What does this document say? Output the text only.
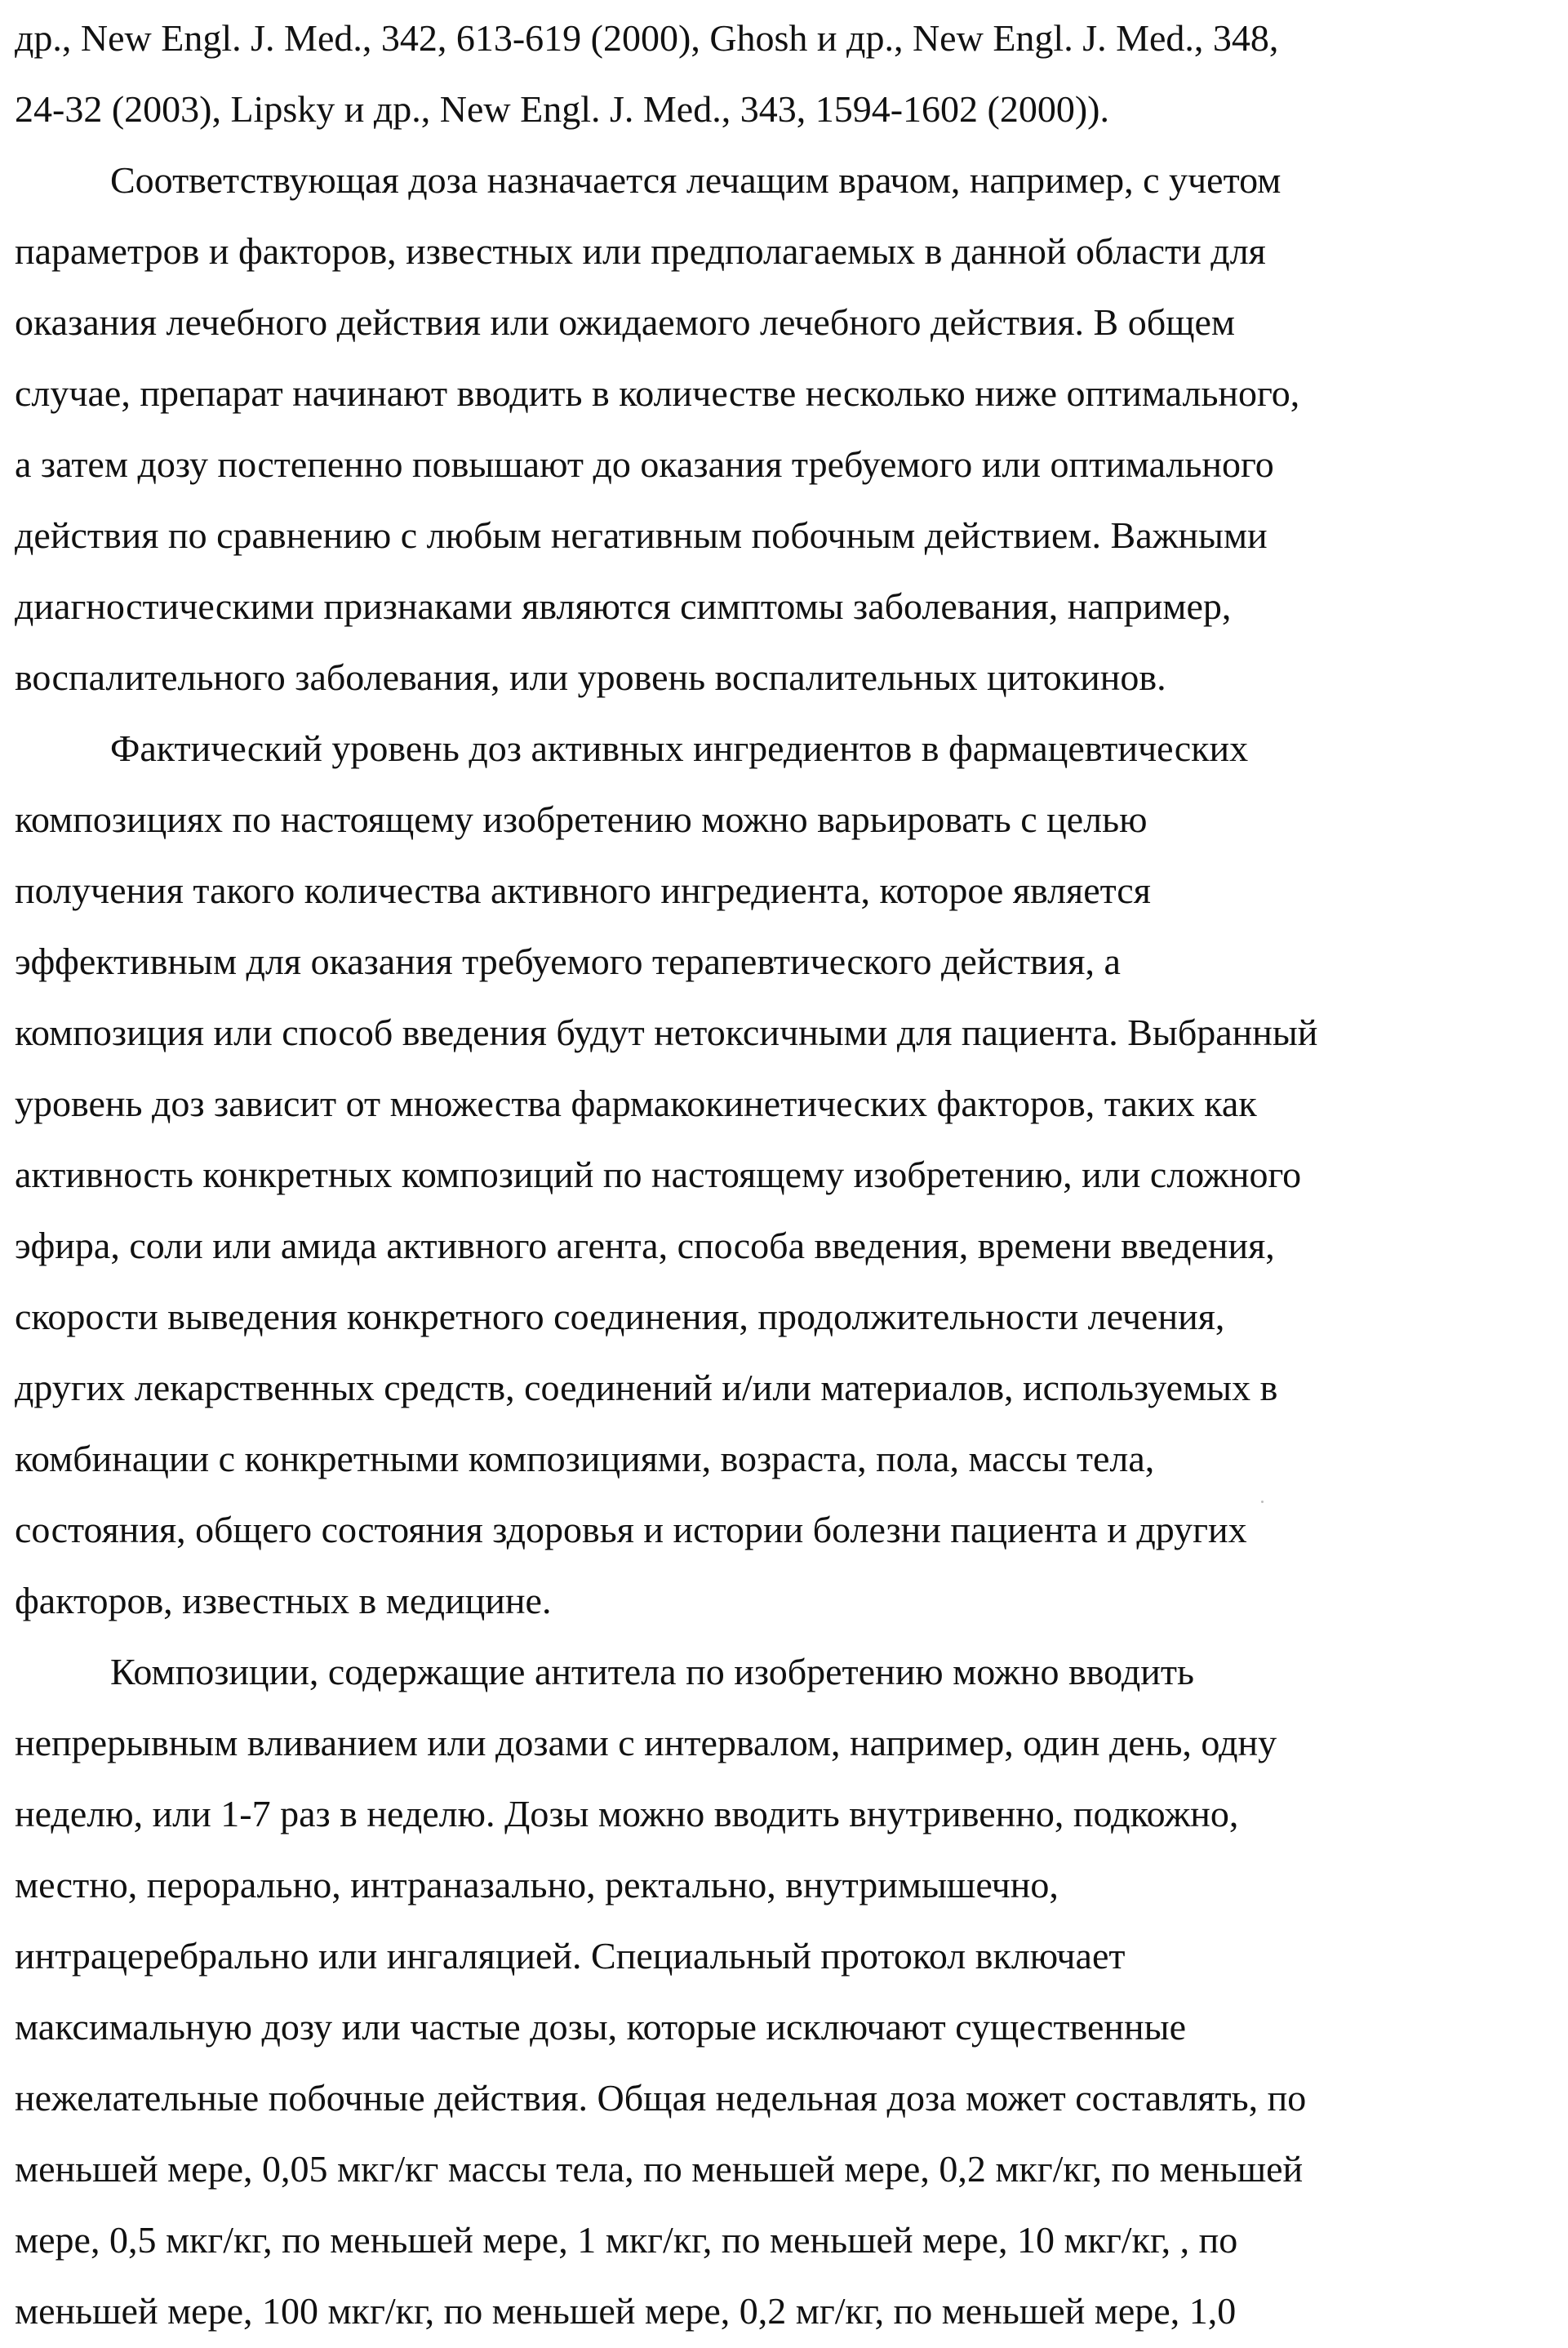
др., New Engl. J. Med., 342, 613-619 (2000), Ghosh и др., New Engl. J. Med., 348,
24-32 (2003), Lipsky и др., New Engl. J. Med., 343, 1594-1602 (2000)).
Соответствующая доза назначается лечащим врачом, например, с учетом
параметров и факторов, известных или предполагаемых в данной области для
оказания лечебного действия или ожидаемого лечебного действия. В общем
случае, препарат начинают вводить в количестве несколько ниже оптимального,
а затем дозу постепенно повышают до оказания требуемого или оптимального
действия по сравнению с любым негативным побочным действием. Важными
диагностическими признаками являются симптомы заболевания, например,
воспалительного заболевания, или уровень воспалительных цитокинов.
Фактический уровень доз активных ингредиентов в фармацевтических
композициях по настоящему изобретению можно варьировать с целью
получения такого количества активного ингредиента, которое является
эффективным для оказания требуемого терапевтического действия, а
композиция или способ введения будут нетоксичными для пациента. Выбранный
уровень доз зависит от множества фармакокинетических факторов, таких как
активность конкретных композиций по настоящему изобретению, или сложного
эфира, соли или амида активного агента, способа введения, времени введения,
скорости выведения конкретного соединения, продолжительности лечения,
других лекарственных средств, соединений и/или материалов, используемых в
комбинации с конкретными композициями, возраста, пола, массы тела,
состояния, общего состояния здоровья и истории болезни пациента и других
факторов, известных в медицине.
Композиции, содержащие антитела по изобретению можно вводить
непрерывным вливанием или дозами с интервалом, например, один день, одну
неделю, или 1-7 раз в неделю. Дозы можно вводить внутривенно, подкожно,
местно, перорально, интраназально, ректально, внутримышечно,
интрацеребрально или ингаляцией. Специальный протокол включает
максимальную дозу или частые дозы, которые исключают существенные
нежелательные побочные действия. Общая недельная доза может составлять, по
меньшей мере, 0,05 мкг/кг массы тела, по меньшей мере, 0,2 мкг/кг, по меньшей
мере, 0,5 мкг/кг, по меньшей мере, 1 мкг/кг, по меньшей мере, 10 мкг/кг, , по
меньшей мере, 100 мкг/кг, по меньшей мере, 0,2 мг/кг, по меньшей мере, 1,0
